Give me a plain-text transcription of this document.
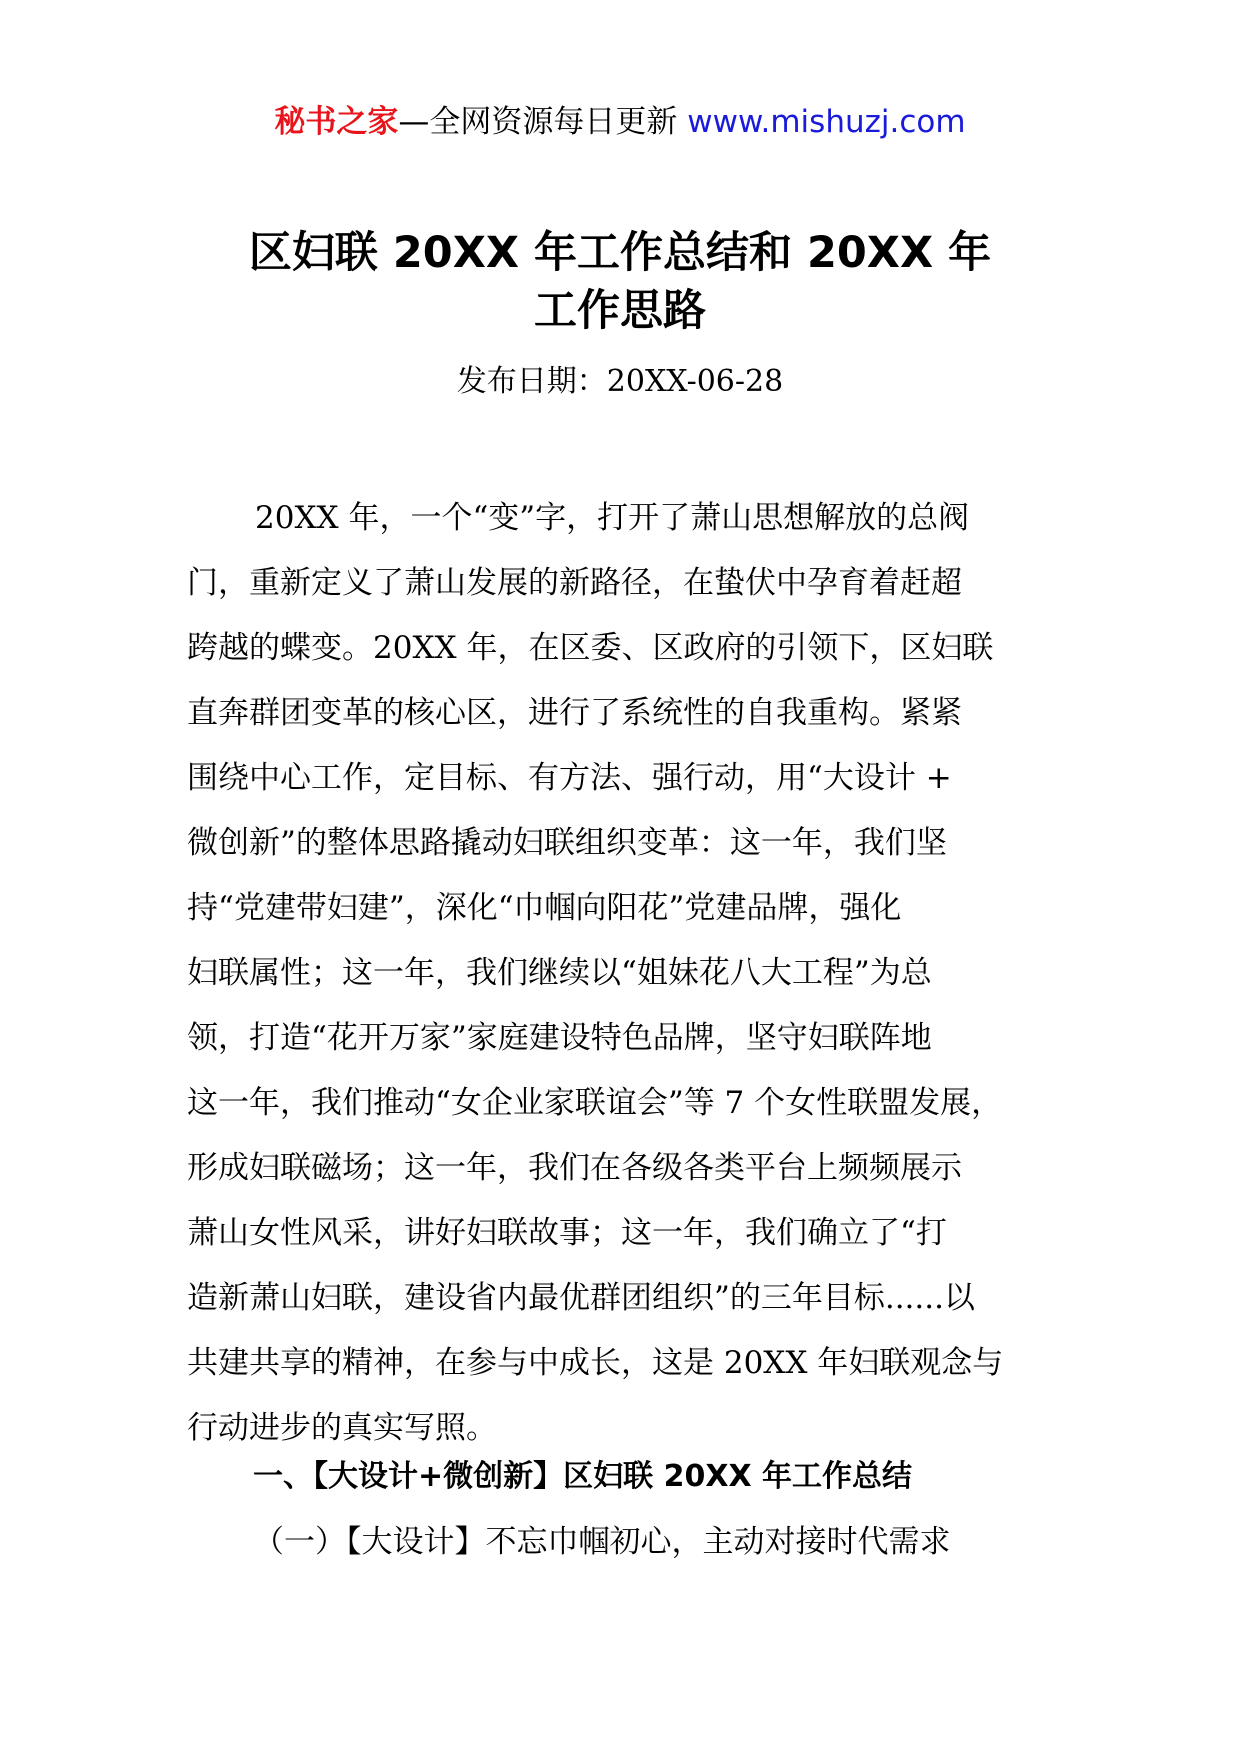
秘书之家—全网资源每日更新 www.mishuzj.com
区妇联 20XX 年工作总结和 20XX 年
工作思路
发布日期：20XX-06-28
20XX 年，一个“变”字，打开了萧山思想解放的总阀
门，重新定义了萧山发展的新路径，在蛰伏中孕育着赶超
跨越的蝶变。20XX 年，在区委、区政府的引领下，区妇联
直奔群团变革的核心区，进行了系统性的自我重构。紧紧
围绕中心工作，定目标、有方法、强行动，用“大设计 +
微创新”的整体思路撬动妇联组织变革：这一年，我们坚
持“党建带妇建”，深化“巾帼向阳花”党建品牌，强化
妇联属性；这一年，我们继续以“姐妹花八大工程”为总
领，打造“花开万家”家庭建设特色品牌，坚守妇联阵地
这一年，我们推动“女企业家联谊会”等 7 个女性联盟发展，
形成妇联磁场；这一年，我们在各级各类平台上频频展示
萧山女性风采，讲好妇联故事；这一年，我们确立了“打
造新萧山妇联，建设省内最优群团组织”的三年目标......以
共建共享的精神，在参与中成长，这是 20XX 年妇联观念与
行动进步的真实写照。
一、【大设计+微创新】区妇联 20XX 年工作总结
（一）【大设计】不忘巾帼初心，主动对接时代需求
